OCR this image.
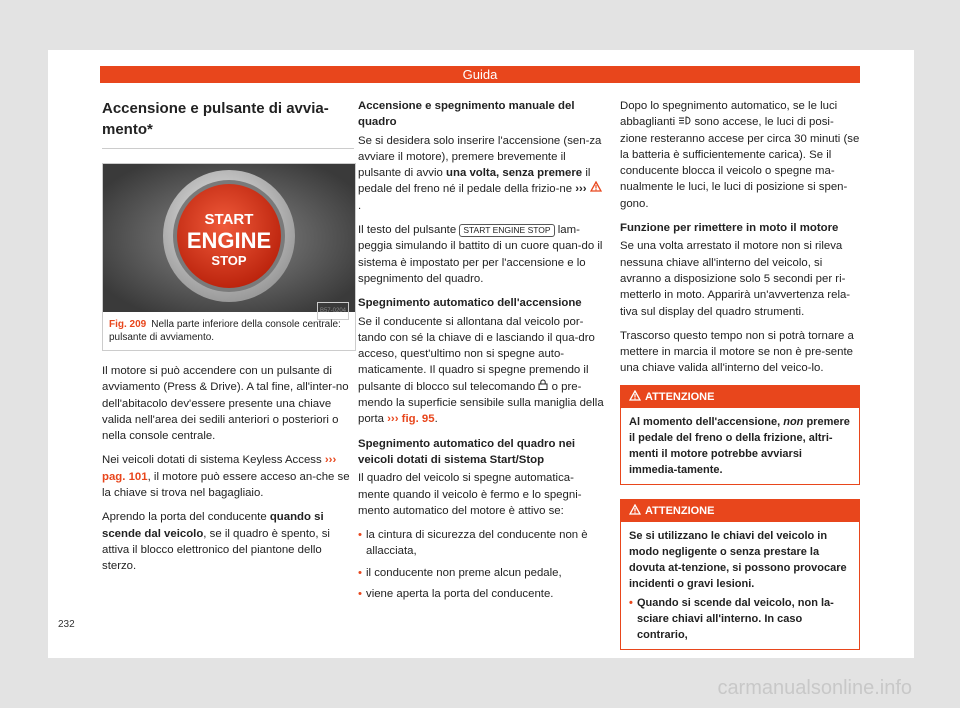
Guida
Accensione e pulsante di avvia-mento*
START
ENGINE
STOP
B57-0204
Fig. 209 Nella parte inferiore della console centrale: pulsante di avviamento.

Il motore si può accendere con un pulsante di avviamento (Press & Drive). A tal fine, all'inter-no dell'abitacolo dev'essere presente una chiave valida nell'area dei sedili anteriori o posteriori o nella console centrale.

Nei veicoli dotati di sistema Keyless Access ››› pag. 101, il motore può essere acceso an-che se la chiave si trova nel bagagliaio.

Aprendo la porta del conducente quando si scende dal veicolo, se il quadro è spento, si attiva il blocco elettronico del piantone dello sterzo.

Accensione e spegnimento manuale del quadro

Se si desidera solo inserire l'accensione (sen-za avviare il motore), premere brevemente il pulsante di avvio una volta, senza premere il pedale del freno né il pedale della frizio-ne ››› .

Il testo del pulsante START ENGINE STOP lam-peggia simulando il battito di un cuore quan-do il sistema è impostato per per l'accensione e lo spegnimento del quadro.

Spegnimento automatico dell'accensione

Se il conducente si allontana dal veicolo por-tando con sé la chiave di e lasciando il qua-dro acceso, quest'ultimo non si spegne auto-maticamente. Il quadro si spegne premendo il pulsante di blocco sul telecomando o pre-mendo la superficie sensibile sulla maniglia della porta ››› fig. 95.

Spegnimento automatico del quadro nei veicoli dotati di sistema Start/Stop

Il quadro del veicolo si spegne automatica-mente quando il veicolo è fermo e lo spegni-mento automatico del motore è attivo se:

• la cintura di sicurezza del conducente non è allacciata,
• il conducente non preme alcun pedale,
• viene aperta la porta del conducente.

Dopo lo spegnimento automatico, se le luci abbaglianti sono accese, le luci di posi-zione resteranno accese per circa 30 minuti (se la batteria è sufficientemente carica). Se il conducente blocca il veicolo o spegne ma-nualmente le luci, le luci di posizione si spen-gono.

Funzione per rimettere in moto il motore

Se una volta arrestato il motore non si rileva nessuna chiave all'interno del veicolo, si avranno a disposizione solo 5 secondi per ri-metterlo in moto. Apparirà un'avvertenza rela-tiva sul display del quadro strumenti.

Trascorso questo tempo non si potrà tornare a mettere in marcia il motore se non è pre-sente una chiave valida all'interno del veico-lo.

ATTENZIONE
Al momento dell'accensione, non premere il pedale del freno o della frizione, altri-menti il motore potrebbe avviarsi immedia-tamente.
ATTENZIONE
Se si utilizzano le chiavi del veicolo in modo negligente o senza prestare la dovuta at-tenzione, si possono provocare incidenti o gravi lesioni.
• Quando si scende dal veicolo, non la-sciare chiavi all'interno. In caso contrario,
232
carmanualsonline.info
